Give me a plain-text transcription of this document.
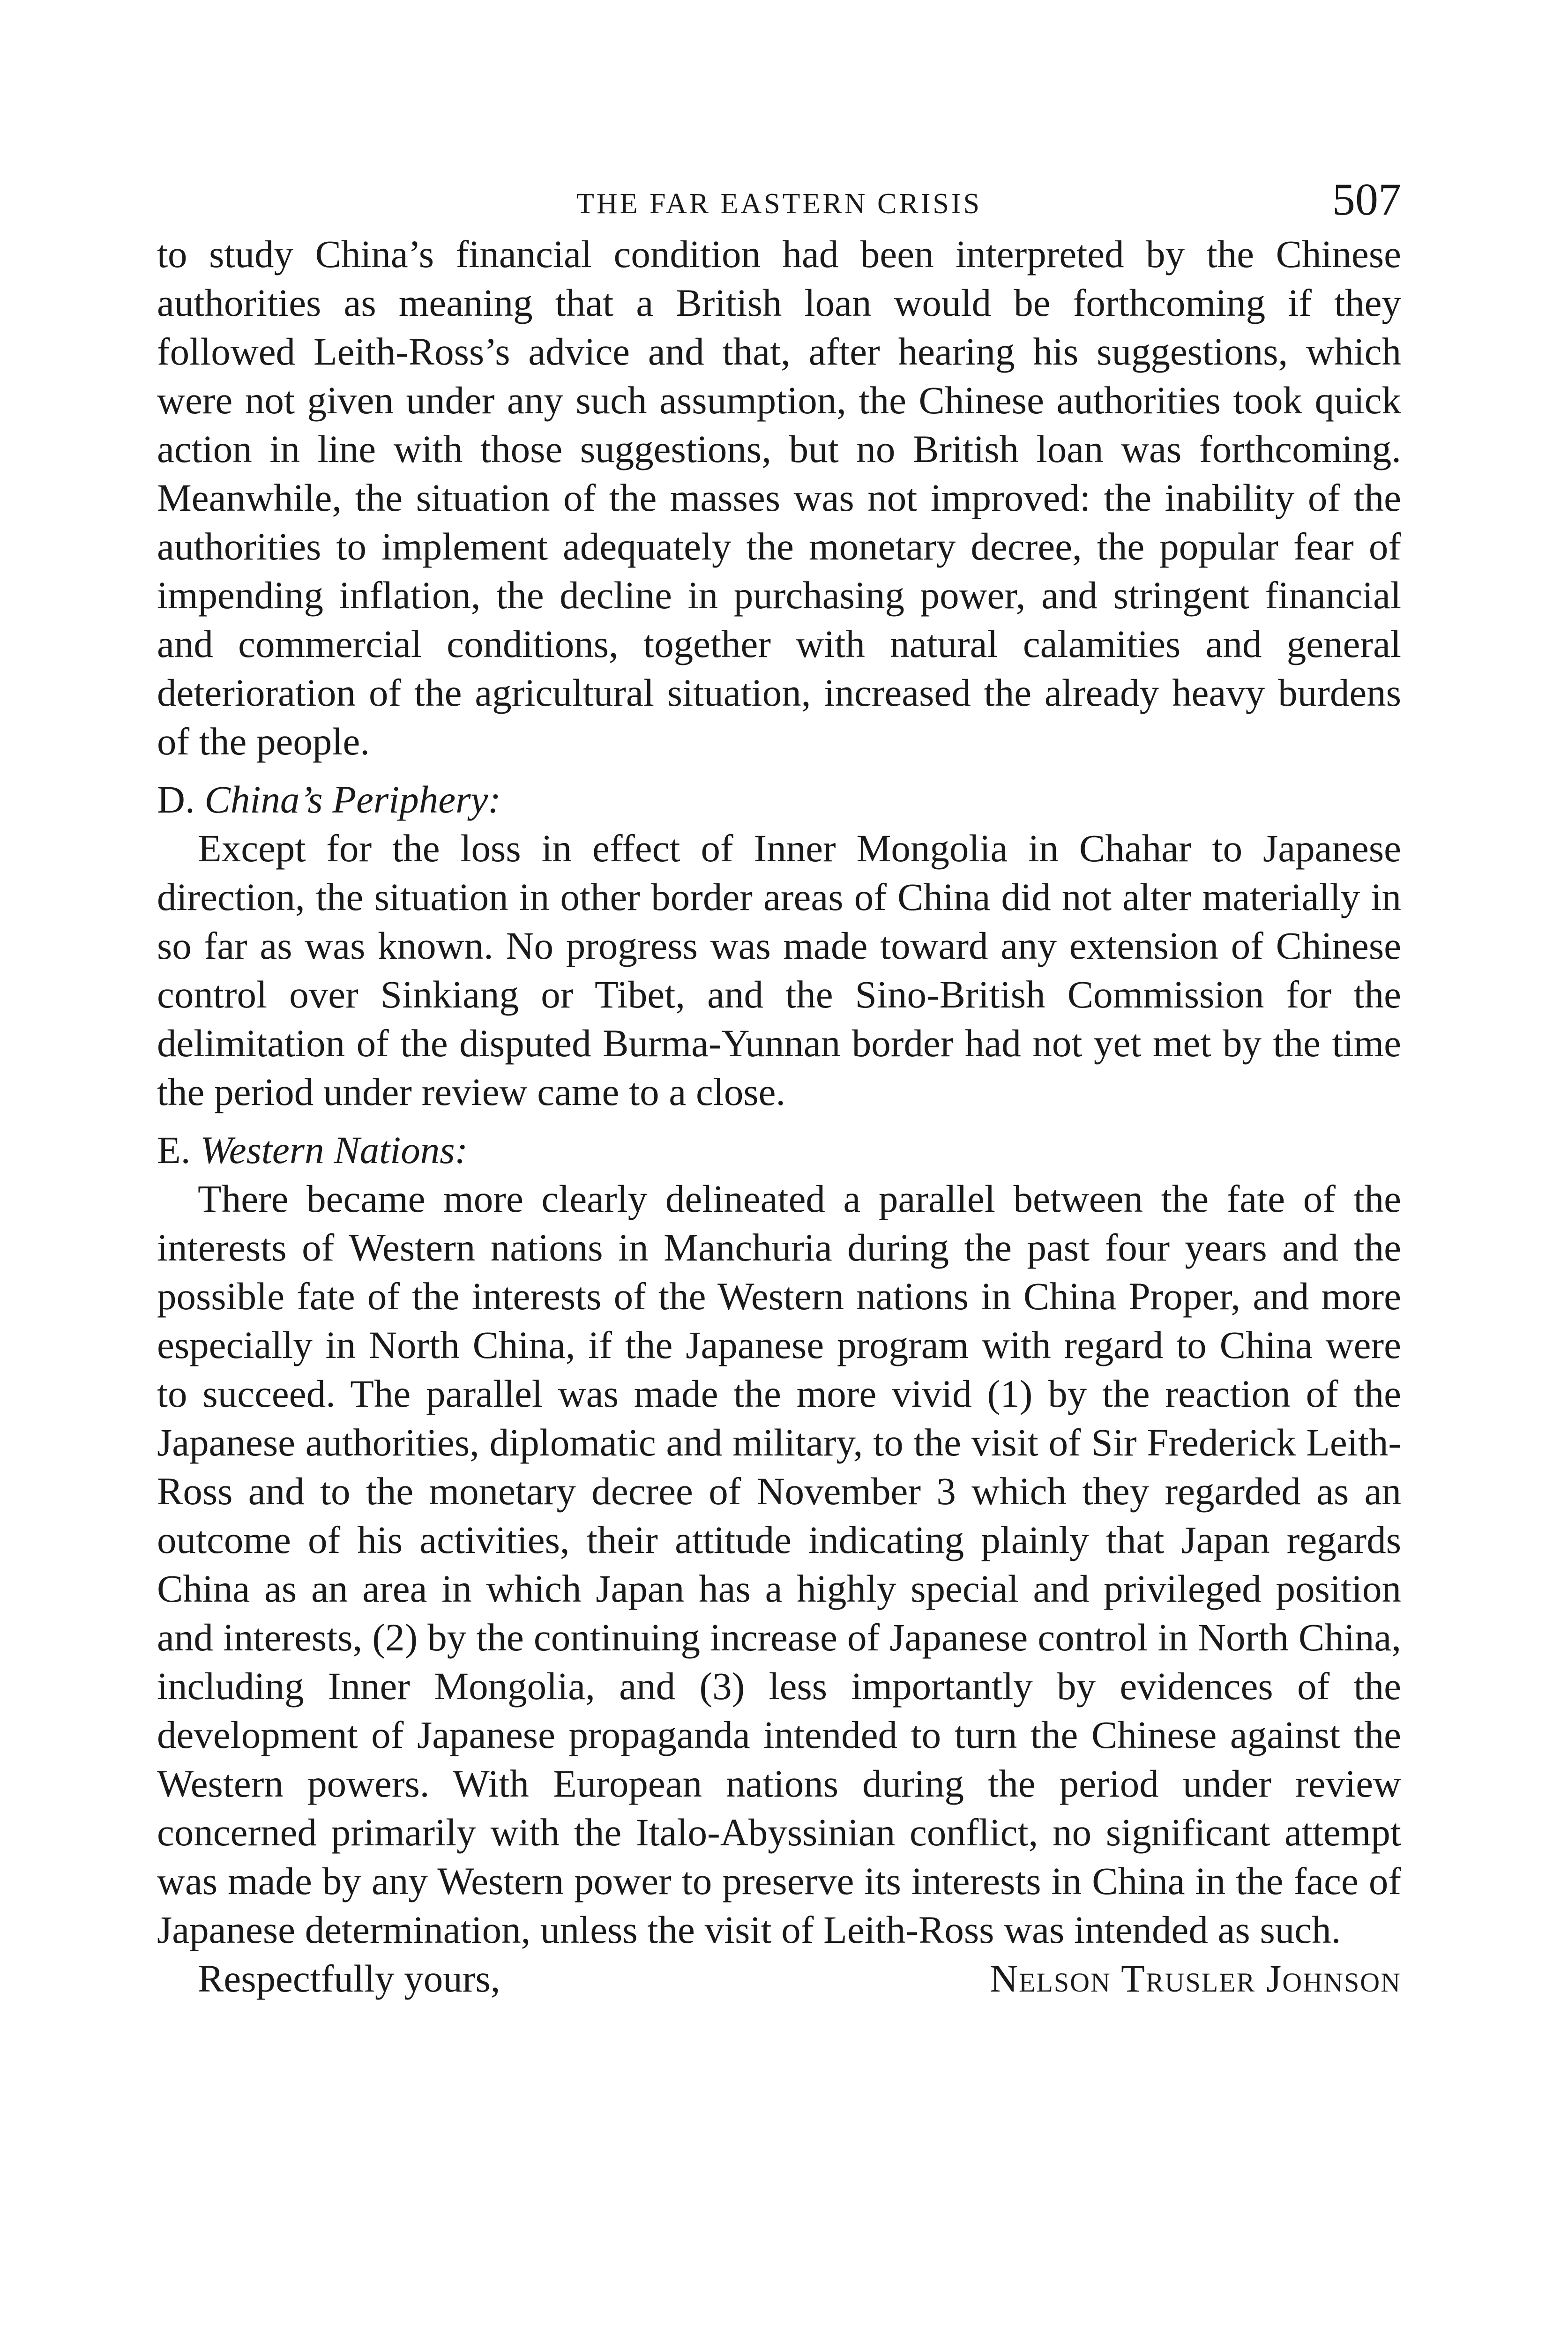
THE FAR EASTERN CRISIS	507

to study China’s financial condition had been interpreted by the Chinese authorities as meaning that a British loan would be forthcoming if they followed Leith-Ross’s advice and that, after hearing his suggestions, which were not given under any such assumption, the Chinese authorities took quick action in line with those suggestions, but no British loan was forthcoming. Meanwhile, the situation of the masses was not improved: the inability of the authorities to implement adequately the monetary decree, the popular fear of impending inflation, the decline in purchasing power, and stringent financial and commercial conditions, together with natural calamities and general deterioration of the agricultural situation, increased the already heavy burdens of the people.

D. China’s Periphery:

Except for the loss in effect of Inner Mongolia in Chahar to Japanese direction, the situation in other border areas of China did not alter materially in so far as was known. No progress was made toward any extension of Chinese control over Sinkiang or Tibet, and the Sino-British Commission for the delimitation of the disputed Burma-Yunnan border had not yet met by the time the period under review came to a close.

E. Western Nations:

There became more clearly delineated a parallel between the fate of the interests of Western nations in Manchuria during the past four years and the possible fate of the interests of the Western nations in China Proper, and more especially in North China, if the Japanese program with regard to China were to succeed. The parallel was made the more vivid (1) by the reaction of the Japanese authorities, diplomatic and military, to the visit of Sir Frederick Leith-Ross and to the monetary decree of November 3 which they regarded as an outcome of his activities, their attitude indicating plainly that Japan regards China as an area in which Japan has a highly special and privileged position and interests, (2) by the continuing increase of Japanese control in North China, including Inner Mongolia, and (3) less importantly by evidences of the development of Japanese propaganda intended to turn the Chinese against the Western powers. With European nations during the period under review concerned primarily with the Italo-Abyssinian conflict, no significant attempt was made by any Western power to preserve its interests in China in the face of Japanese determination, unless the visit of Leith-Ross was intended as such.

Respectfully yours,	Nelson Trusler Johnson
